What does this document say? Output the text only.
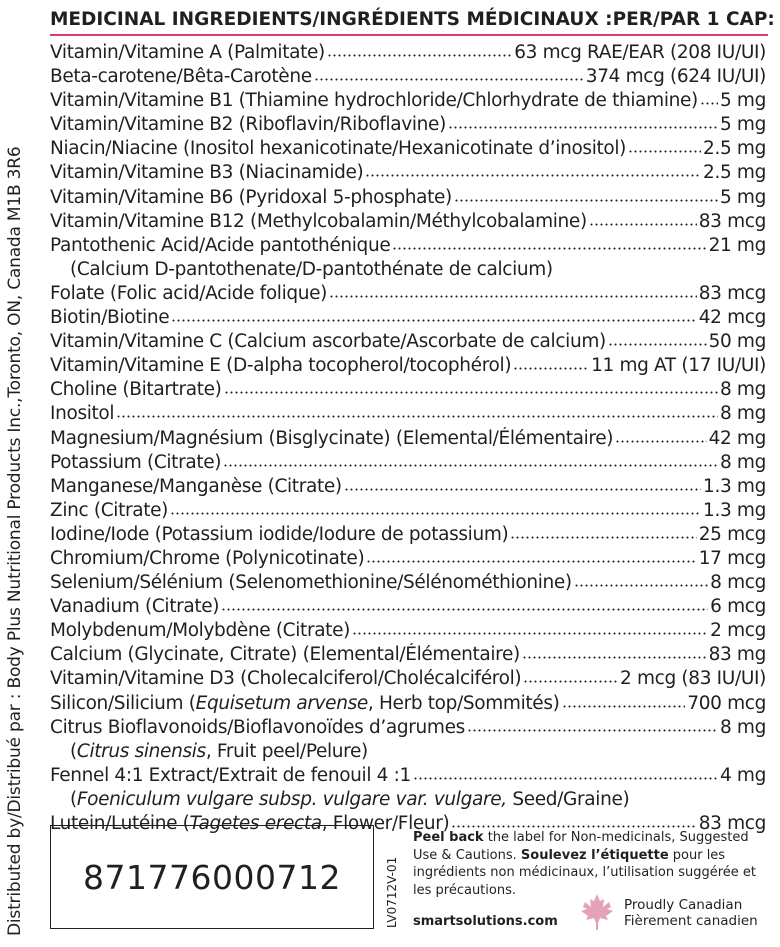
Distributed by/Distribué par : Body Plus Nutritional Products Inc.,Toronto, ON, Canada M1B 3R6
MEDICINAL INGREDIENTS/INGRÉDIENTS MÉDICINAUX : PER/PAR 1 CAP:
Vitamin/Vitamine A (Palmitate)	63 mcg RAE/EAR (208 IU/UI)
Beta-carotene/Bêta-Carotène	374 mcg (624 IU/UI)
Vitamin/Vitamine B1 (Thiamine hydrochloride/Chlorhydrate de thiamine) 5 mg
Vitamin/Vitamine B2 (Riboflavin/Riboflavine)	5 mg
Niacin/Niacine (Inositol hexanicotinate/Hexanicotinate d’inositol)	2.5 mg
Vitamin/Vitamine B3 (Niacinamide)	2.5 mg
Vitamin/Vitamine B6 (Pyridoxal 5-phosphate)	5 mg
Vitamin/Vitamine B12 (Methylcobalamin/Méthylcobalamine)	83 mcg
Pantothenic Acid/Acide pantothénique	21 mg
(Calcium D-pantothenate/D-pantothénate de calcium)
Folate (Folic acid/Acide folique)	83 mcg
Biotin/Biotine	42 mcg
Vitamin/Vitamine C (Calcium ascorbate/Ascorbate de calcium)	50 mg
Vitamin/Vitamine E (D-alpha tocopherol/tocophérol)	11 mg AT (17 IU/UI)
Choline (Bitartrate)	8 mg
Inositol	8 mg
Magnesium/Magnésium (Bisglycinate) (Elemental/Élémentaire)	42 mg
Potassium (Citrate)	8 mg
Manganese/Manganèse (Citrate)	1.3 mg
Zinc (Citrate)	1.3 mg
Iodine/Iode (Potassium iodide/Iodure de potassium)	25 mcg
Chromium/Chrome (Polynicotinate)	17 mcg
Selenium/Sélénium (Selenomethionine/Sélénométhionine)	8 mcg
Vanadium (Citrate)	6 mcg
Molybdenum/Molybdène (Citrate)	2 mcg
Calcium (Glycinate, Citrate) (Elemental/Élémentaire)	83 mg
Vitamin/Vitamine D3 (Cholecalciferol/Cholécalciférol)	2 mcg (83 IU/UI)
Silicon/Silicium (Equisetum arvense, Herb top/Sommités)	700 mcg
Citrus Bioflavonoids/Bioflavonoïdes d’agrumes	8 mg
(Citrus sinensis, Fruit peel/Pelure)
Fennel 4:1 Extract/Extrait de fenouil 4 :1	4 mg
(Foeniculum vulgare subsp. vulgare var. vulgare, Seed/Graine)
Lutein/Lutéine (Tagetes erecta, Flower/Fleur)	83 mcg
871776000712	LV0712V-01
Peel back the label for Non-medicinals, Suggested Use & Cautions. Soulevez l’étiquette pour les ingrédients non médicinaux, l’utilisation suggérée et les précautions.
smartsolutions.com
Proudly Canadian
Fièrement canadien
